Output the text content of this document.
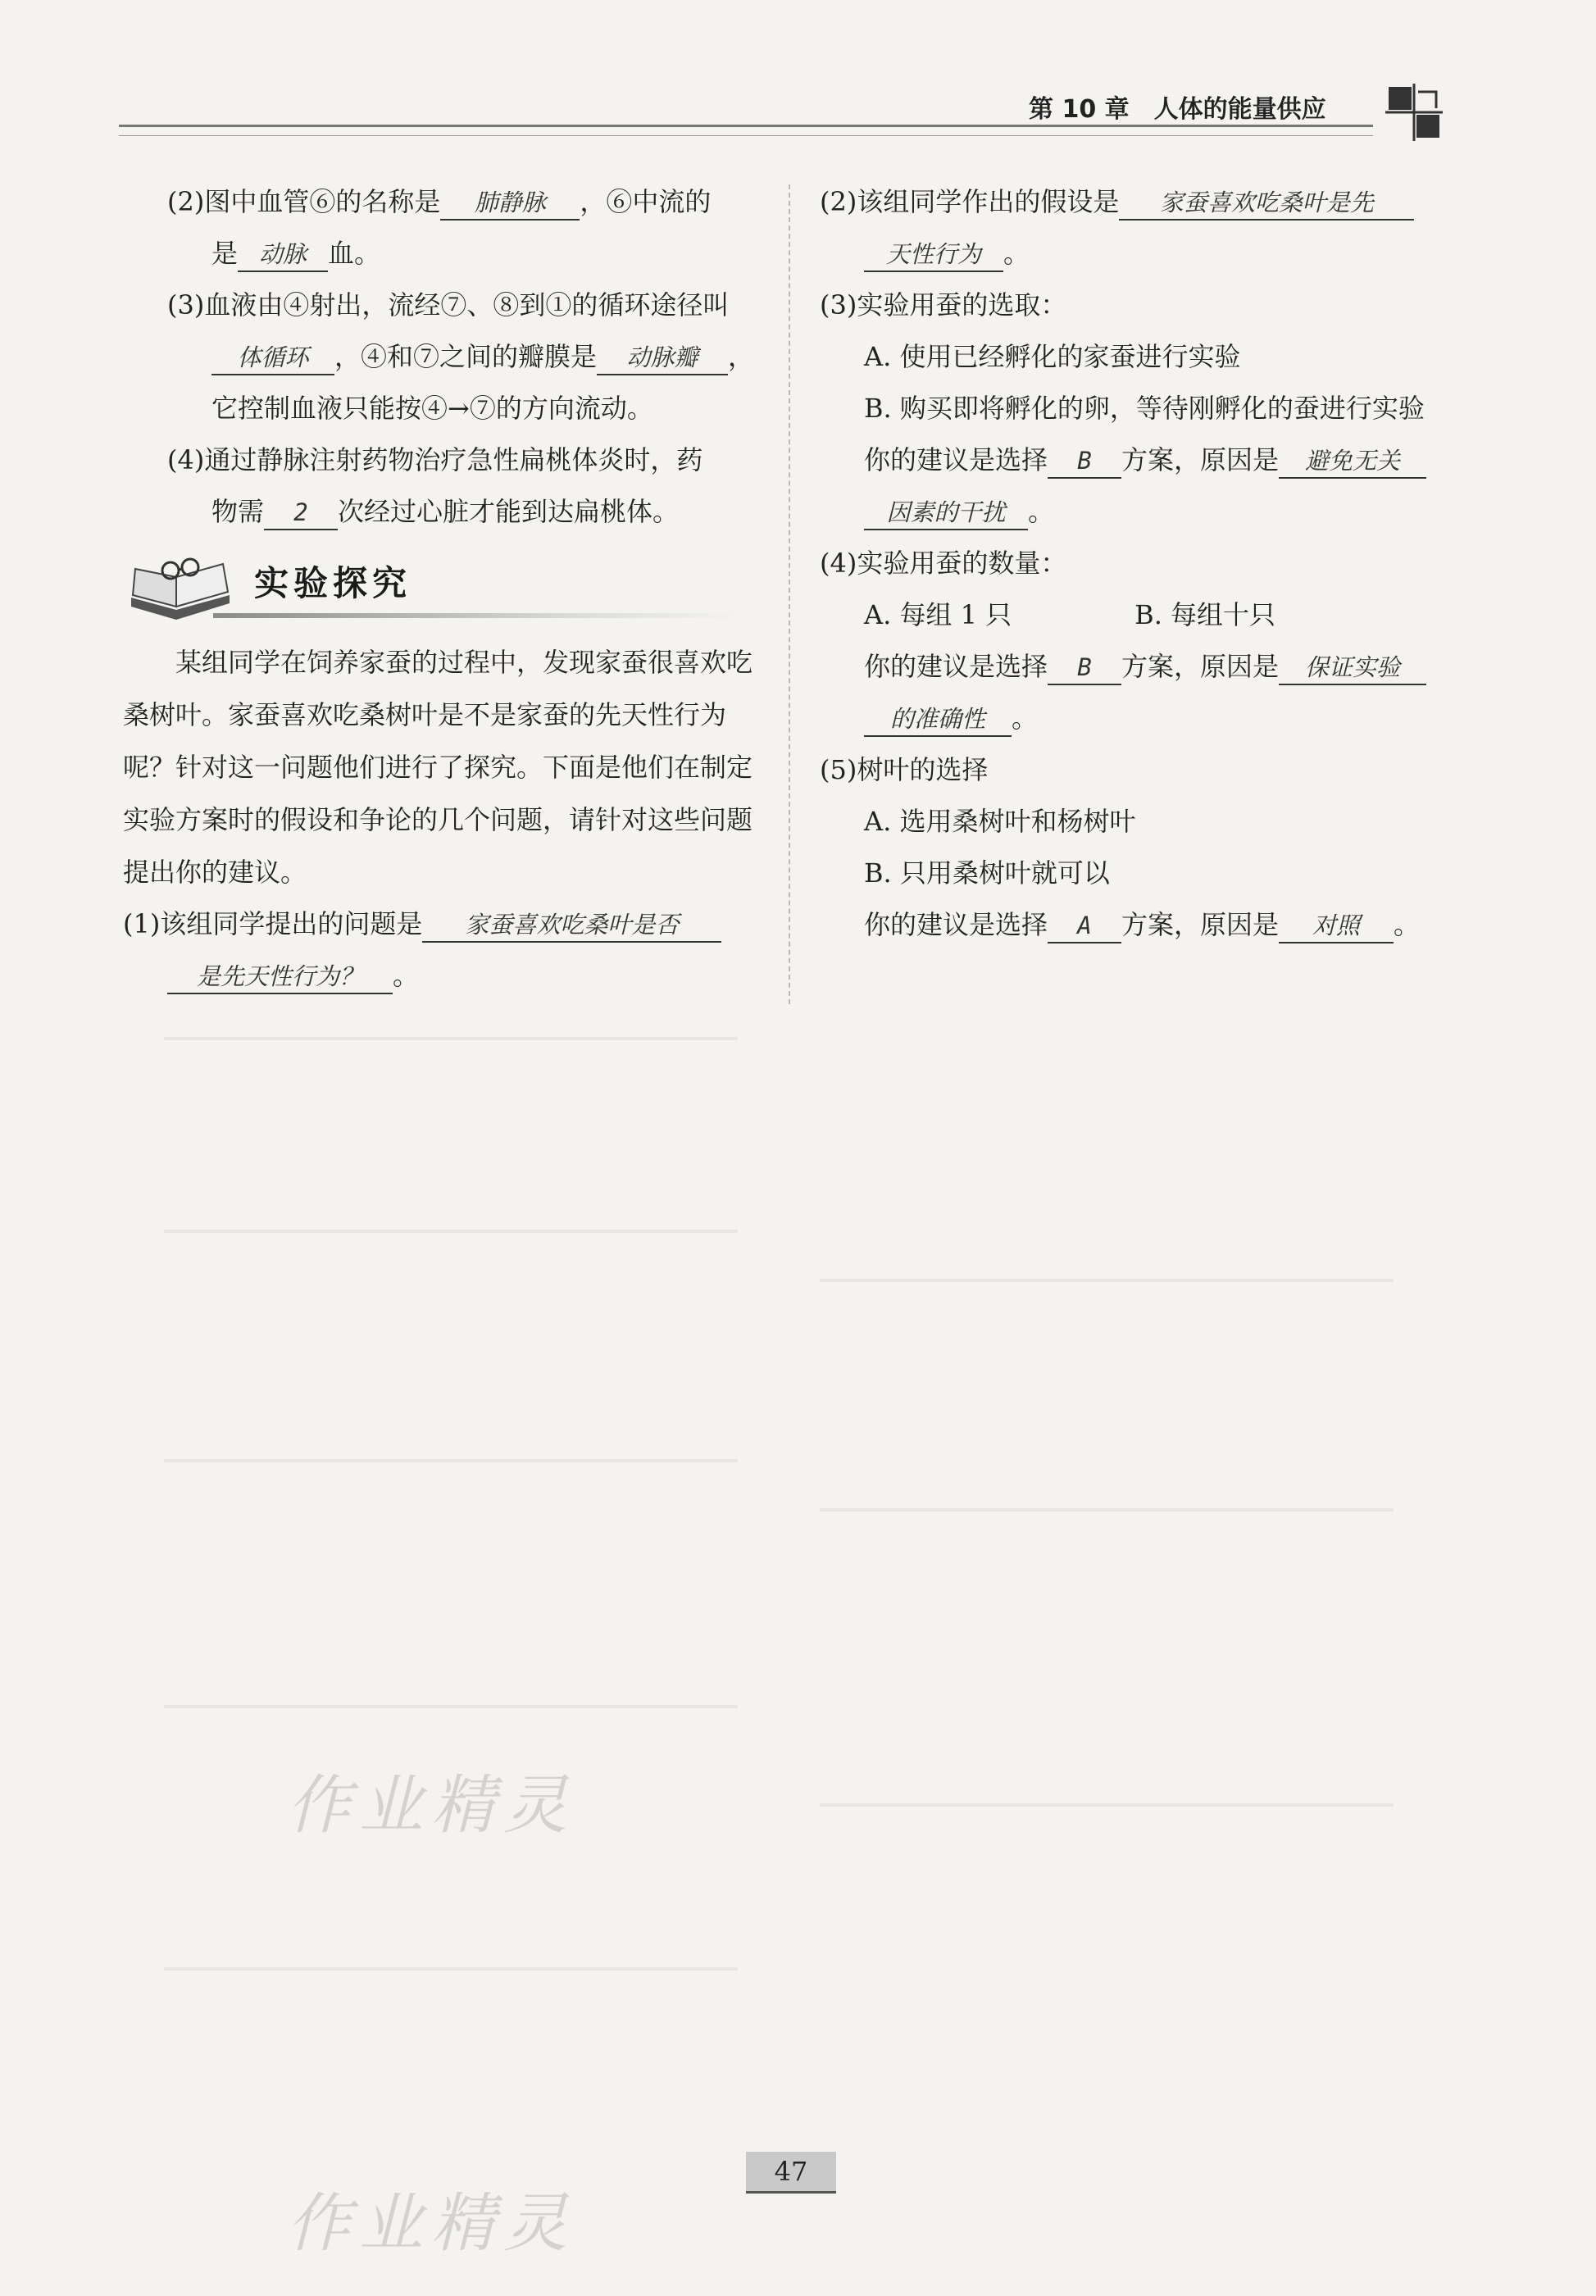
第 10 章　人体的能量供应
(2)图中血管⑥的名称是 肺静脉 ，⑥中流的
是 动脉 血。
(3)血液由④射出，流经⑦、⑧到①的循环途径叫
体循环 ，④和⑦之间的瓣膜是 动脉瓣 ，
它控制血液只能按④→⑦的方向流动。
(4)通过静脉注射药物治疗急性扁桃体炎时，药
物需 2 次经过心脏才能到达扁桃体。
实验探究
某组同学在饲养家蚕的过程中，发现家蚕很喜欢吃桑树叶。家蚕喜欢吃桑树叶是不是家蚕的先天性行为呢？针对这一问题他们进行了探究。下面是他们在制定实验方案时的假设和争论的几个问题，请针对这些问题提出你的建议。
(1)该组同学提出的问题是 家蚕喜欢吃桑叶是否
是先天性行为？ 。
(2)该组同学作出的假设是 家蚕喜欢吃桑叶是先
天性行为 。
(3)实验用蚕的选取：
A. 使用已经孵化的家蚕进行实验
B. 购买即将孵化的卵，等待刚孵化的蚕进行实验
你的建议是选择 B 方案，原因是 避免无关
因素的干扰 。
(4)实验用蚕的数量：
A. 每组 1 只	B. 每组十只
你的建议是选择 B 方案，原因是 保证实验
的准确性 。
(5)树叶的选择
A. 选用桑树叶和杨树叶
B. 只用桑树叶就可以
你的建议是选择 A 方案，原因是 对照 。
作业精灵
作业精灵
47
